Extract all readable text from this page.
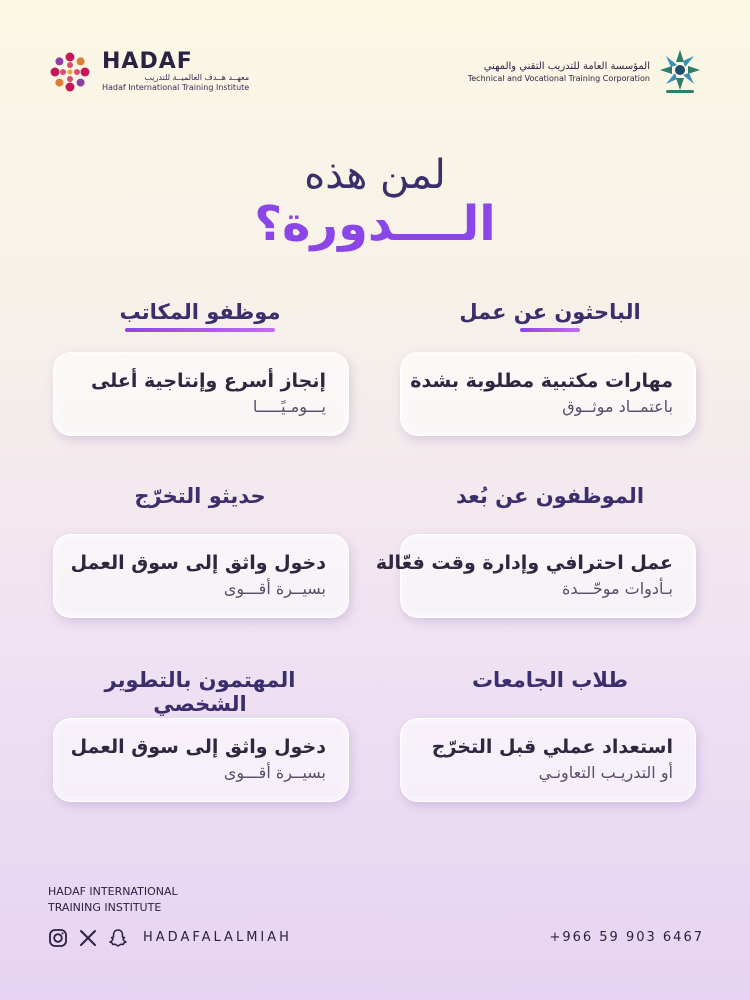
HADAF
معهــد هــدف العالميــة للتدريب
Hadaf International Training Institute
المؤسسة العامة للتدريب التقني والمهني
Technical and Vocational Training Corporation
لمن هذه
الــــدورة؟
موظفو المكاتب	الباحثون عن عمل
إنجاز أسرع وإنتاجية أعلى
يـــومـيًـــــا
مهارات مكتبية مطلوبة بشدة
باعتمــاد موثــوق
حديثو التخرّج	الموظفون عن بُعد
دخول واثق إلى سوق العمل
بسيــرة أقـــوى
عمل احترافي وإدارة وقت فعّالة
بـأدوات موحّـــدة
المهتمون بالتطوير الشخصي
طلاب الجامعات
دخول واثق إلى سوق العمل
بسيــرة أقـــوى
استعداد عملي قبل التخرّج
أو التدريـب التعاونـي
HADAF INTERNATIONAL
TRAINING INSTITUTE
HADAFALALMIAH	+966 59 903 6467
